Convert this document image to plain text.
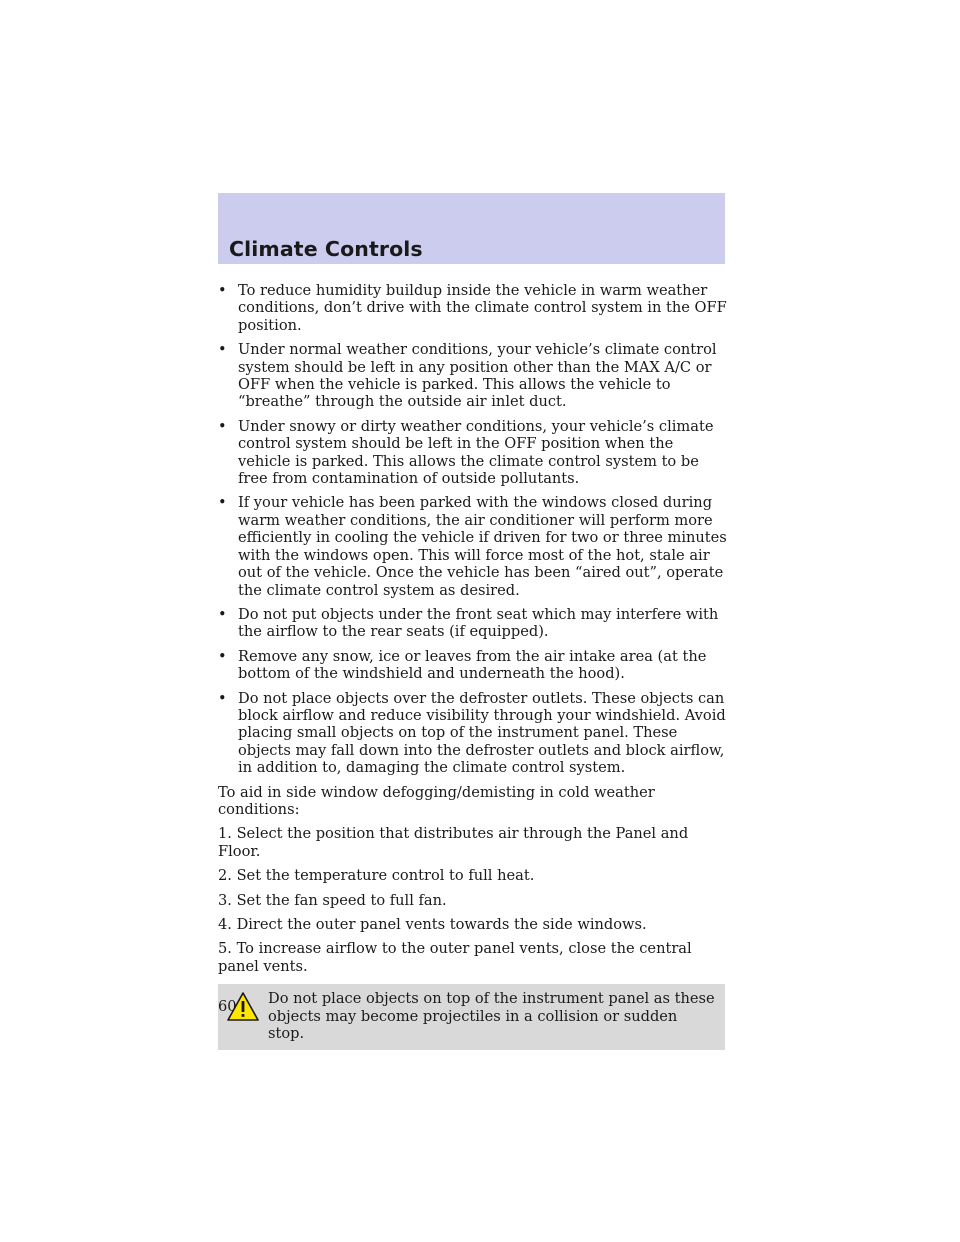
Climate Controls
• To reduce humidity buildup inside the vehicle in warm weather conditions, don’t drive with the climate control system in the OFF position.
• Under normal weather conditions, your vehicle’s climate control system should be left in any position other than the MAX A/C or OFF when the vehicle is parked. This allows the vehicle to “breathe” through the outside air inlet duct.
• Under snowy or dirty weather conditions, your vehicle’s climate control system should be left in the OFF position when the vehicle is parked. This allows the climate control system to be free from contamination of outside pollutants.
• If your vehicle has been parked with the windows closed during warm weather conditions, the air conditioner will perform more efficiently in cooling the vehicle if driven for two or three minutes with the windows open. This will force most of the hot, stale air out of the vehicle. Once the vehicle has been “aired out”, operate the climate control system as desired.
• Do not put objects under the front seat which may interfere with the airflow to the rear seats (if equipped).
• Remove any snow, ice or leaves from the air intake area (at the bottom of the windshield and underneath the hood).
• Do not place objects over the defroster outlets. These objects can block airflow and reduce visibility through your windshield. Avoid placing small objects on top of the instrument panel. These objects may fall down into the defroster outlets and block airflow, in addition to, damaging the climate control system.

To aid in side window defogging/demisting in cold weather conditions:

1. Select the position that distributes air through the Panel and Floor.
2. Set the temperature control to full heat.
3. Set the fan speed to full fan.
4. Direct the outer panel vents towards the side windows.
5. To increase airflow to the outer panel vents, close the central panel vents.
Do not place objects on top of the instrument panel as these objects may become projectiles in a collision or sudden stop.
60
